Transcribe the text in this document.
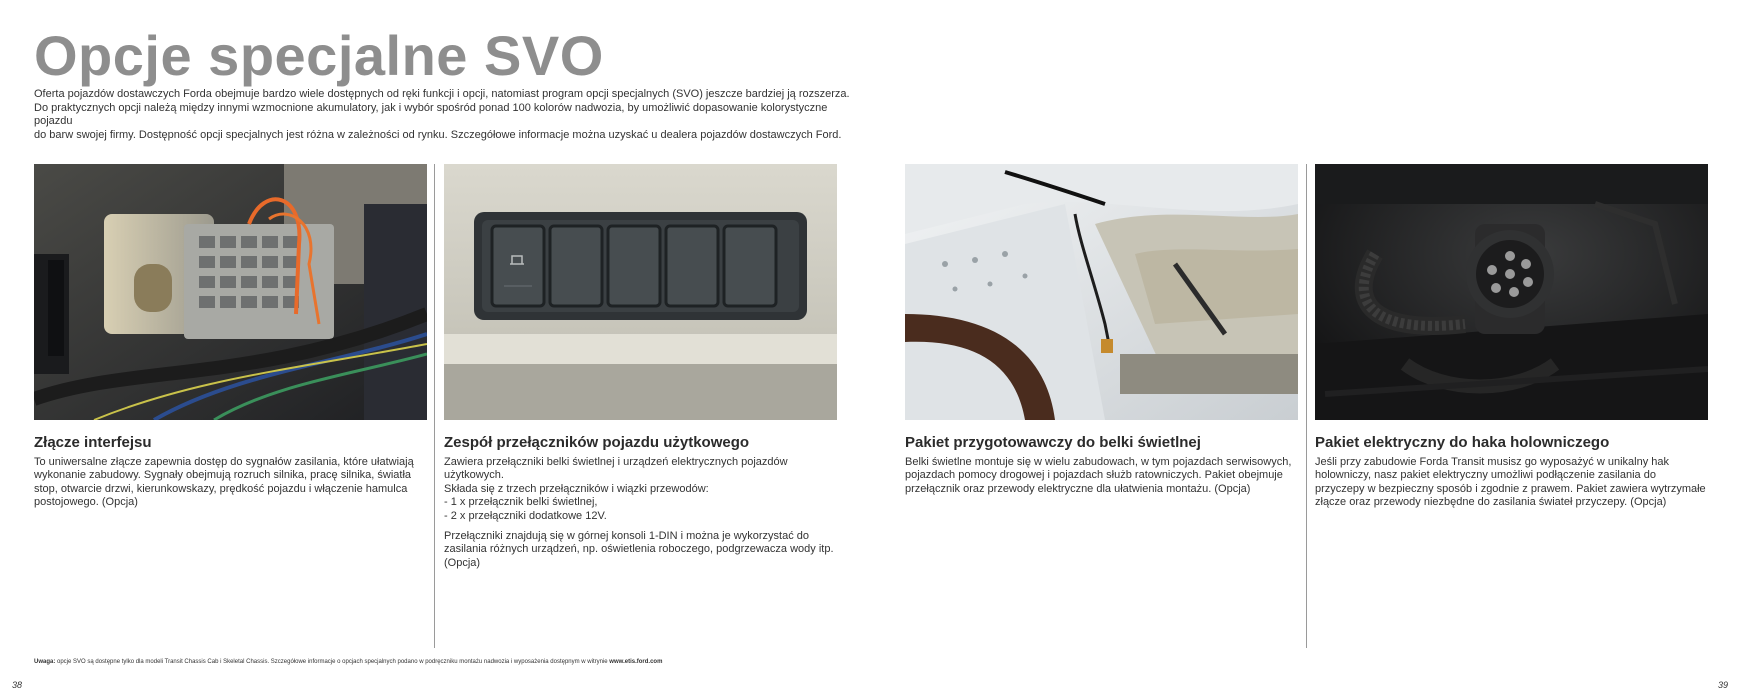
Opcje specjalne SVO

Oferta pojazdów dostawczych Forda obejmuje bardzo wiele dostępnych od ręki funkcji i opcji, natomiast program opcji specjalnych (SVO) jeszcze bardziej ją rozszerza.

Do praktycznych opcji należą między innymi wzmocnione akumulatory, jak i wybór spośród ponad 100 kolorów nadwozia, by umożliwić dopasowanie kolorystyczne pojazdu

do barw swojej firmy. Dostępność opcji specjalnych jest różna w zależności od rynku. Szczegółowe informacje można uzyskać u dealera pojazdów dostawczych Ford.

Złącze interfejsu

To uniwersalne złącze zapewnia dostęp do sygnałów zasilania, które ułatwiają wykonanie zabudowy. Sygnały obejmują rozruch silnika, pracę silnika, światła stop, otwarcie drzwi, kierunkowskazy, prędkość pojazdu i włączenie hamulca postojowego. (Opcja)

Zespół przełączników pojazdu użytkowego

Zawiera przełączniki belki świetlnej i urządzeń elektrycznych pojazdów użytkowych.
Składa się z trzech przełączników i wiązki przewodów:
- 1 x przełącznik belki świetlnej,
- 2 x przełączniki dodatkowe 12V.

Przełączniki znajdują się w górnej konsoli 1-DIN i można je wykorzystać do zasilania różnych urządzeń, np. oświetlenia roboczego, podgrzewacza wody itp. (Opcja)

Pakiet przygotowawczy do belki świetlnej

Belki świetlne montuje się w wielu zabudowach, w tym pojazdach serwisowych, pojazdach pomocy drogowej i pojazdach służb ratowniczych. Pakiet obejmuje przełącznik oraz przewody elektryczne dla ułatwienia montażu. (Opcja)

Pakiet elektryczny do haka holowniczego

Jeśli przy zabudowie Forda Transit musisz go wyposażyć w unikalny hak holowniczy, nasz pakiet elektryczny umożliwi podłączenie zasilania do przyczepy w bezpieczny sposób i zgodnie z prawem. Pakiet zawiera wytrzymałe złącze oraz przewody niezbędne do zasilania świateł przyczepy. (Opcja)

Uwaga: opcje SVO są dostępne tylko dla modeli Transit Chassis Cab i Skeletal Chassis. Szczegółowe informacje o opcjach specjalnych podano w podręczniku montażu nadwozia i wyposażenia dostępnym w witrynie www.etis.ford.com
38	39
